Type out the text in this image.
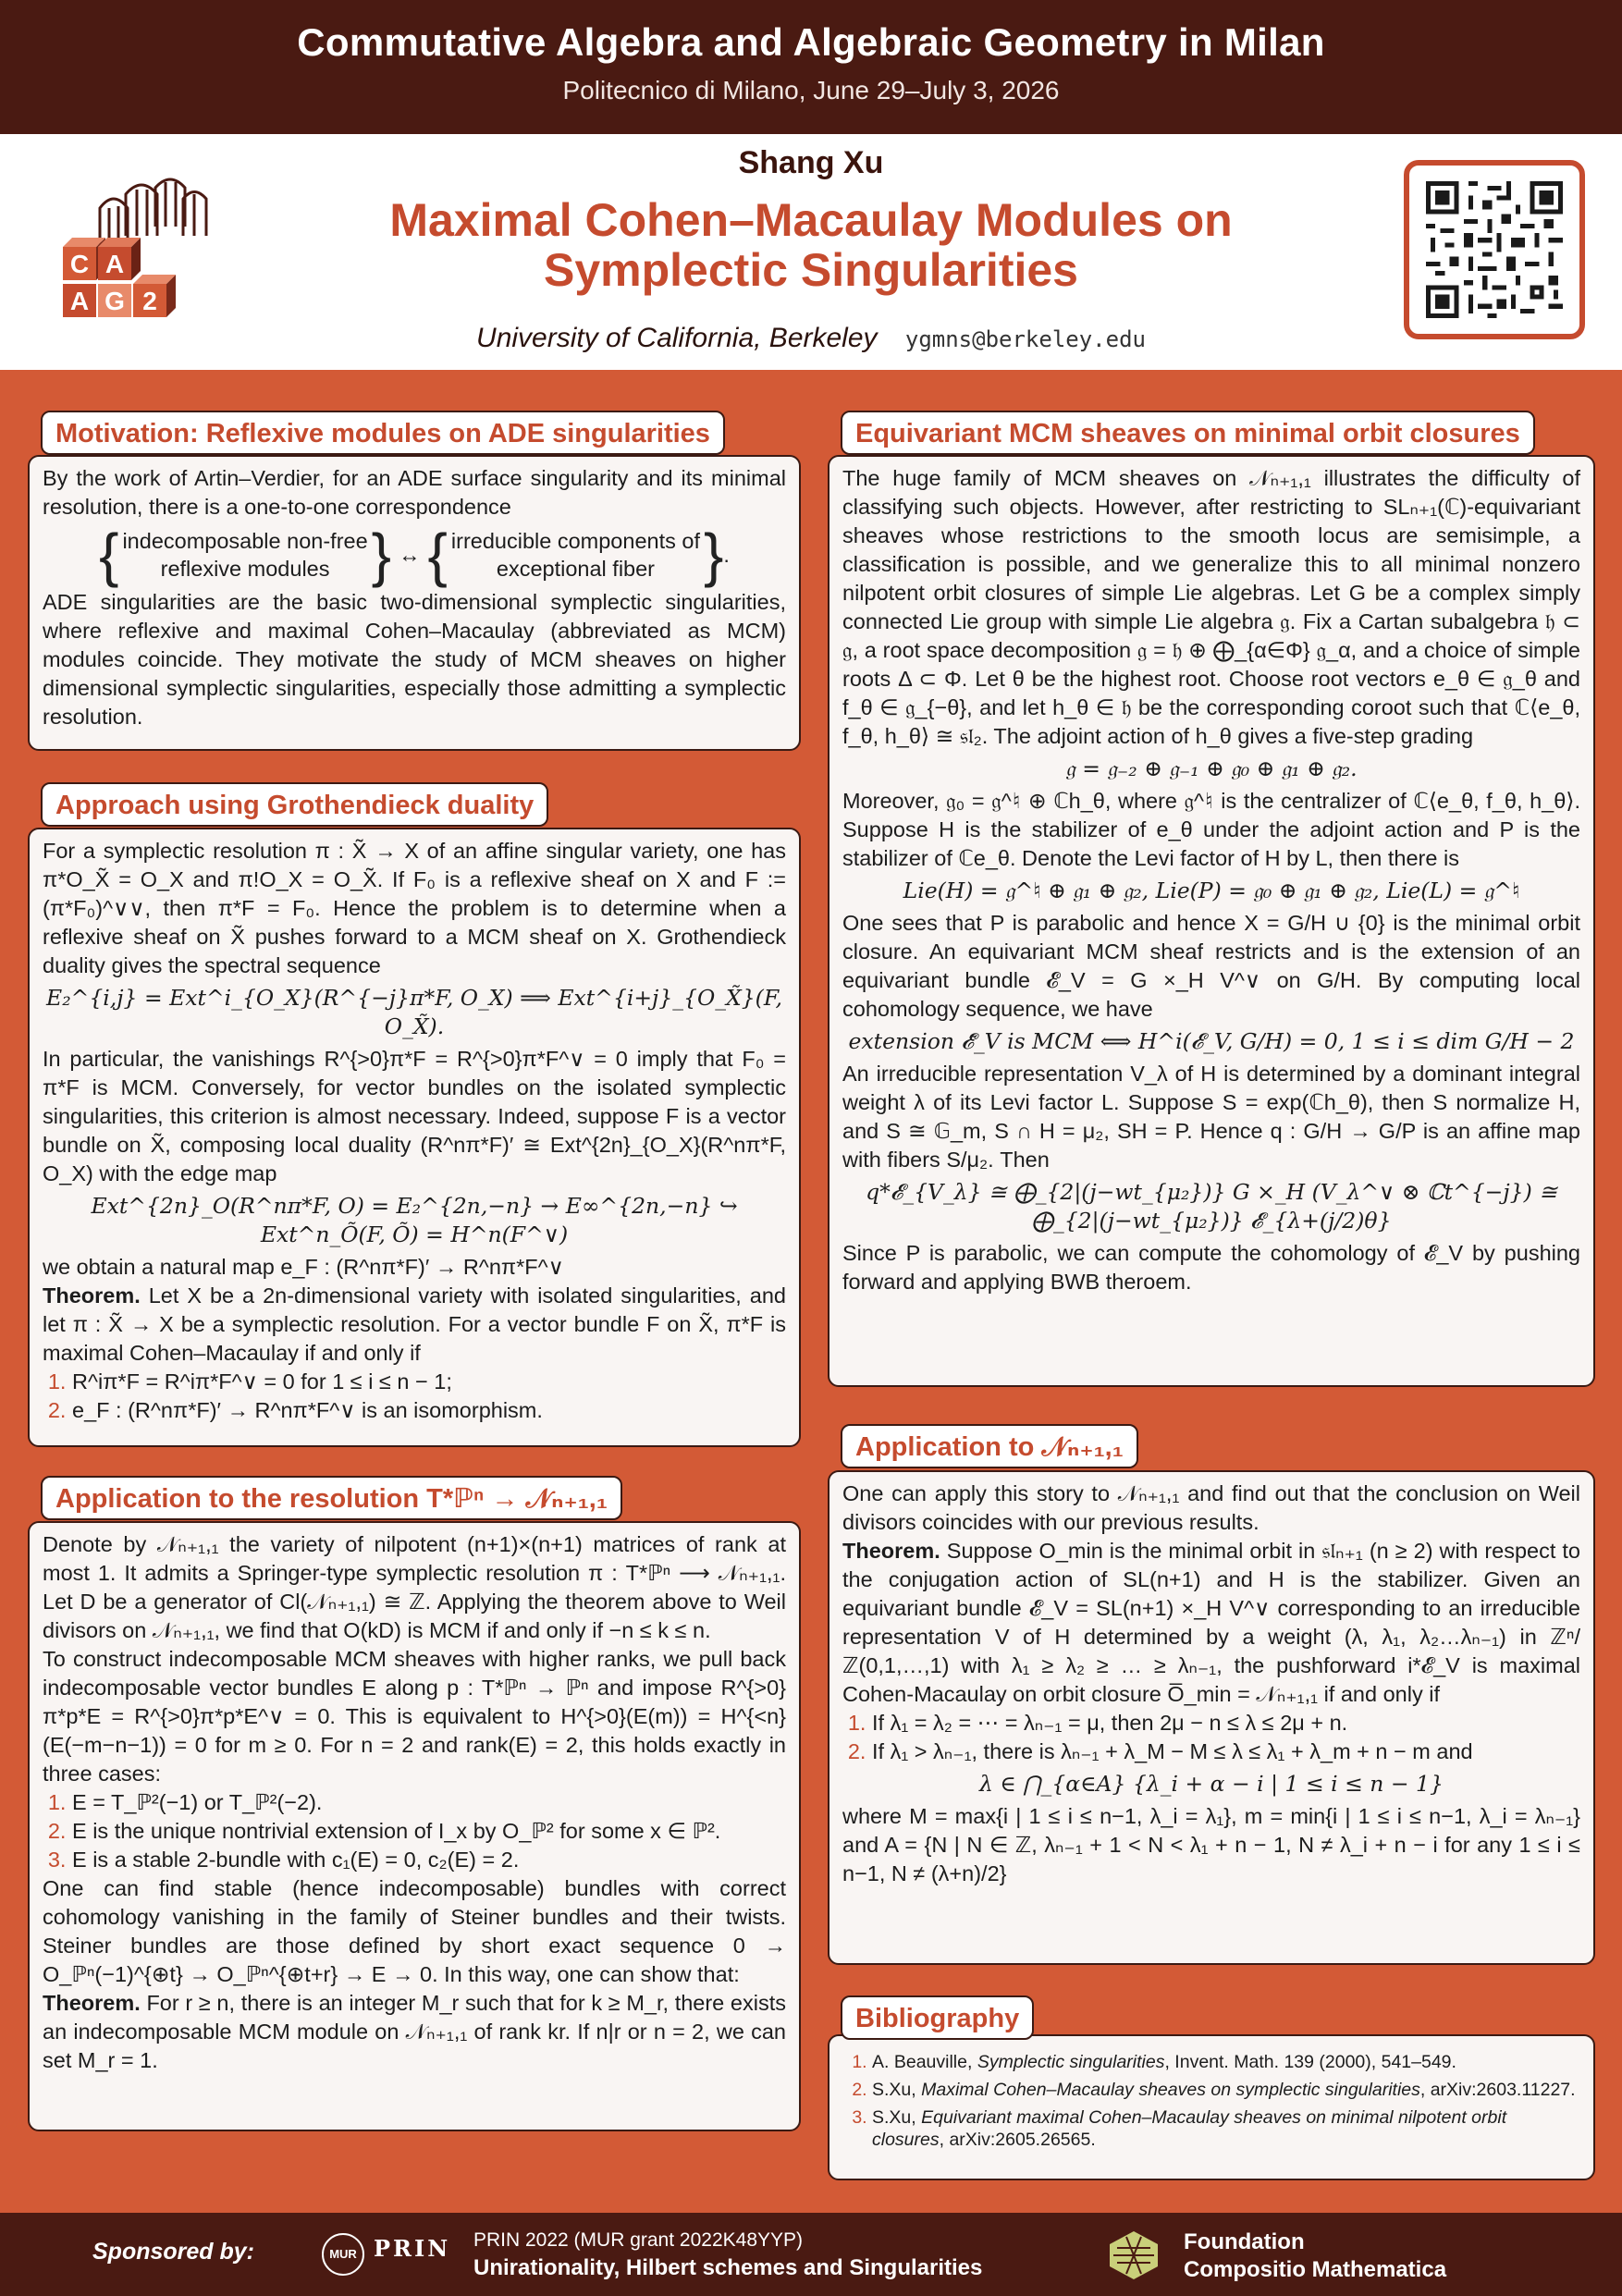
Commutative Algebra and Algebraic Geometry in Milan
Politecnico di Milano, June 29–July 3, 2026
C A
A G 2 6
Shang Xu
Maximal Cohen–Macaulay Modules on Symplectic Singularities
University of California, Berkeley ygmns@berkeley.edu
By the work of Artin–Verdier, for an ADE surface singularity and its minimal resolution, there is a one-to-one correspondence
{ indecomposable non-free
reflexive modules } ↔ { irreducible components of
exceptional fiber } .
ADE singularities are the basic two-dimensional symplectic singularities, where reflexive and maximal Cohen–Macaulay (abbreviated as MCM) modules coincide. They motivate the study of MCM sheaves on higher dimensional symplectic singularities, especially those admitting a symplectic resolution.
Motivation: Reflexive modules on ADE singularities
For a symplectic resolution π : X̃ → X of an affine singular variety, one has π*O_X̃ = O_X and π!O_X = O_X̃. If F₀ is a reflexive sheaf on X and F := (π*F₀)^∨∨, then π*F = F₀. Hence the problem is to determine when a reflexive sheaf on X̃ pushes forward to a MCM sheaf on X. Grothendieck duality gives the spectral sequence
E₂^{i,j} = Ext^i_{O_X}(R^{−j}π*F, O_X) ⟹ Ext^{i+j}_{O_X̃}(F, O_X̃).
In particular, the vanishings R^{>0}π*F = R^{>0}π*F^∨ = 0 imply that F₀ = π*F is MCM. Conversely, for vector bundles on the isolated symplectic singularities, this criterion is almost necessary. Indeed, suppose F is a vector bundle on X̃, composing local duality (R^nπ*F)′ ≅ Ext^{2n}_{O_X}(R^nπ*F, O_X) with the edge map
Ext^{2n}_O(R^nπ*F, O) = E₂^{2n,−n} → E∞^{2n,−n} ↪ Ext^n_Õ(F, Õ) = H^n(F^∨)
we obtain a natural map e_F : (R^nπ*F)′ → R^nπ*F^∨
Theorem. Let X be a 2n-dimensional variety with isolated singularities, and let π : X̃ → X be a symplectic resolution. For a vector bundle F on X̃, π*F is maximal Cohen–Macaulay if and only if
1. R^iπ*F = R^iπ*F^∨ = 0 for 1 ≤ i ≤ n − 1;
2. e_F : (R^nπ*F)′ → R^nπ*F^∨ is an isomorphism.
Approach using Grothendieck duality
Denote by 𝒩ₙ₊₁,₁ the variety of nilpotent (n+1)×(n+1) matrices of rank at most 1. It admits a Springer-type symplectic resolution π : T*ℙⁿ ⟶ 𝒩ₙ₊₁,₁. Let D be a generator of Cl(𝒩ₙ₊₁,₁) ≅ ℤ. Applying the theorem above to Weil divisors on 𝒩ₙ₊₁,₁, we find that O(kD) is MCM if and only if −n ≤ k ≤ n.
To construct indecomposable MCM sheaves with higher ranks, we pull back indecomposable vector bundles E along p : T*ℙⁿ → ℙⁿ and impose R^{>0}π*p*E = R^{>0}π*p*E^∨ = 0. This is equivalent to H^{>0}(E(m)) = H^{<n}(E(−m−n−1)) = 0 for m ≥ 0. For n = 2 and rank(E) = 2, this holds exactly in three cases:
1. E = T_ℙ²(−1) or T_ℙ²(−2).
2. E is the unique nontrivial extension of I_x by O_ℙ² for some x ∈ ℙ².
3. E is a stable 2-bundle with c₁(E) = 0, c₂(E) = 2.
One can find stable (hence indecomposable) bundles with correct cohomology vanishing in the family of Steiner bundles and their twists. Steiner bundles are those defined by short exact sequence 0 → O_ℙⁿ(−1)^{⊕t} → O_ℙⁿ^{⊕t+r} → E → 0. In this way, one can show that:
Theorem. For r ≥ n, there is an integer M_r such that for k ≥ M_r, there exists an indecomposable MCM module on 𝒩ₙ₊₁,₁ of rank kr. If n|r or n = 2, we can set M_r = 1.
Application to the resolution T*ℙⁿ → 𝒩ₙ₊₁,₁
The huge family of MCM sheaves on 𝒩ₙ₊₁,₁ illustrates the difficulty of classifying such objects. However, after restricting to SLₙ₊₁(ℂ)-equivariant sheaves whose restrictions to the smooth locus are semisimple, a classification is possible, and we generalize this to all minimal nonzero nilpotent orbit closures of simple Lie algebras. Let G be a complex simply connected Lie group with simple Lie algebra 𝔤. Fix a Cartan subalgebra 𝔥 ⊂ 𝔤, a root space decomposition 𝔤 = 𝔥 ⊕ ⨁_{α∈Φ} 𝔤_α, and a choice of simple roots Δ ⊂ Φ. Let θ be the highest root. Choose root vectors e_θ ∈ 𝔤_θ and f_θ ∈ 𝔤_{−θ}, and let h_θ ∈ 𝔥 be the corresponding coroot such that ℂ⟨e_θ, f_θ, h_θ⟩ ≅ 𝔰𝔩₂. The adjoint action of h_θ gives a five-step grading
𝔤 = 𝔤₋₂ ⊕ 𝔤₋₁ ⊕ 𝔤₀ ⊕ 𝔤₁ ⊕ 𝔤₂.
Moreover, 𝔤₀ = 𝔤^♮ ⊕ ℂh_θ, where 𝔤^♮ is the centralizer of ℂ⟨e_θ, f_θ, h_θ⟩. Suppose H is the stabilizer of e_θ under the adjoint action and P is the stabilizer of ℂe_θ. Denote the Levi factor of H by L, then there is
Lie(H) = 𝔤^♮ ⊕ 𝔤₁ ⊕ 𝔤₂, Lie(P) = 𝔤₀ ⊕ 𝔤₁ ⊕ 𝔤₂, Lie(L) = 𝔤^♮
One sees that P is parabolic and hence X = G/H ∪ {0} is the minimal orbit closure. An equivariant MCM sheaf restricts and is the extension of an equivariant bundle 𝓔_V = G ×_H V^∨ on G/H. By computing local cohomology sequence, we have
extension 𝓔̄_V is MCM ⟺ H^i(𝓔_V, G/H) = 0, 1 ≤ i ≤ dim G/H − 2
An irreducible representation V_λ of H is determined by a dominant integral weight λ of its Levi factor L. Suppose S = exp(ℂh_θ), then S normalize H, and S ≅ 𝔾_m, S ∩ H = μ₂, SH = P. Hence q : G/H → G/P is an affine map with fibers S/μ₂. Then
q*𝓔_{V_λ} ≅ ⨁_{2|(j−wt_{μ₂})} G ×_H (V_λ^∨ ⊗ ℂt^{−j}) ≅ ⨁_{2|(j−wt_{μ₂})} 𝓔_{λ+(j/2)θ}
Since P is parabolic, we can compute the cohomology of 𝓔_V by pushing forward and applying BWB theroem.
Equivariant MCM sheaves on minimal orbit closures
One can apply this story to 𝒩ₙ₊₁,₁ and find out that the conclusion on Weil divisors coincides with our previous results.
Theorem. Suppose O_min is the minimal orbit in 𝔰𝔩ₙ₊₁ (n ≥ 2) with respect to the conjugation action of SL(n+1) and H is the stabilizer. Given an equivariant bundle 𝓔_V = SL(n+1) ×_H V^∨ corresponding to an irreducible representation V of H determined by a weight (λ, λ₁, λ₂…λₙ₋₁) in ℤⁿ/ℤ(0,1,…,1) with λ₁ ≥ λ₂ ≥ … ≥ λₙ₋₁, the pushforward i*𝓔_V is maximal Cohen-Macaulay on orbit closure O̅_min = 𝒩ₙ₊₁,₁ if and only if
1. If λ₁ = λ₂ = ⋯ = λₙ₋₁ = μ, then 2μ − n ≤ λ ≤ 2μ + n.
2. If λ₁ > λₙ₋₁, there is λₙ₋₁ + λ_M − M ≤ λ ≤ λ₁ + λ_m + n − m and
λ ∈ ⋂_{α∈A} {λ_i + α − i | 1 ≤ i ≤ n − 1}
where M = max{i | 1 ≤ i ≤ n−1, λ_i = λ₁}, m = min{i | 1 ≤ i ≤ n−1, λ_i = λₙ₋₁} and A = {N | N ∈ ℤ, λₙ₋₁ + 1 < N < λ₁ + n − 1, N ≠ λ_i + n − i for any 1 ≤ i ≤ n−1, N ≠ (λ+n)/2}
Application to 𝒩ₙ₊₁,₁
1. A. Beauville, Symplectic singularities, Invent. Math. 139 (2000), 541–549.
2. S.Xu, Maximal Cohen–Macaulay sheaves on symplectic singularities, arXiv:2603.11227.
3. S.Xu, Equivariant maximal Cohen–Macaulay sheaves on minimal nilpotent orbit closures, arXiv:2605.26565.
Bibliography
Sponsored by:	MUR PRIN PRIN 2022 (MUR grant 2022K48YYP)
Unirationality, Hilbert schemes and Singularities
Foundation
Compositio Mathematica
